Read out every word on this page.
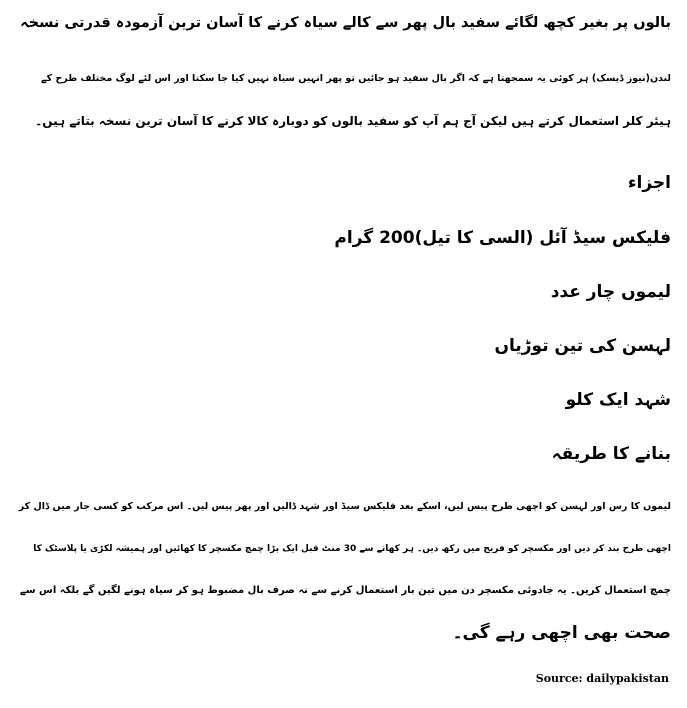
بالوں پر بغیر کچھ لگائے سفید بال پھر سے کالے سیاہ کرنے کا آسان ترین آزمودہ قدرتی نسخہ
لندن(نیوز ڈیسک) ہر کوئی یہ سمجھتا ہے کہ اگر بال سفید ہو جائیں تو پھر انہیں سیاہ نہیں کیا جا سکتا اور اس لئے لوگ مختلف طرح کے
ہیئر کلر استعمال کرتے ہیں لیکن آج ہم آپ کو سفید بالوں کو دوبارہ کالا کرنے کا آسان ترین نسخہ بتاتے ہیں۔
اجزاء
فلیکس سیڈ آئل (السی کا تیل)200 گرام
لیموں چار عدد
لہسن کی تین توڑیاں
شہد ایک کلو
بنانے کا طریقہ
لیموں کا رس اور لہسن کو اچھی طرح پیس لیں، اسکے بعد فلیکس سیڈ اور شہد ڈالیں اور پھر پیس لیں۔ اس مرکب کو کسی جار میں ڈال کر
اچھی طرح بند کر دیں اور مکسچر کو فریج میں رکھ دیں۔ ہر کھانے سے 30 منٹ قبل ایک بڑا چمچ مکسچر کا کھائیں اور ہمیشہ لکڑی یا پلاسٹک کا
چمچ استعمال کریں۔ یہ جادوئی مکسچر دن میں تین بار استعمال کرنے سے نہ صرف بال مضبوط ہو کر سیاہ ہونے لگیں گے بلکہ اس سے
صحت بھی اچھی رہے گی۔
Source: dailypakistan
